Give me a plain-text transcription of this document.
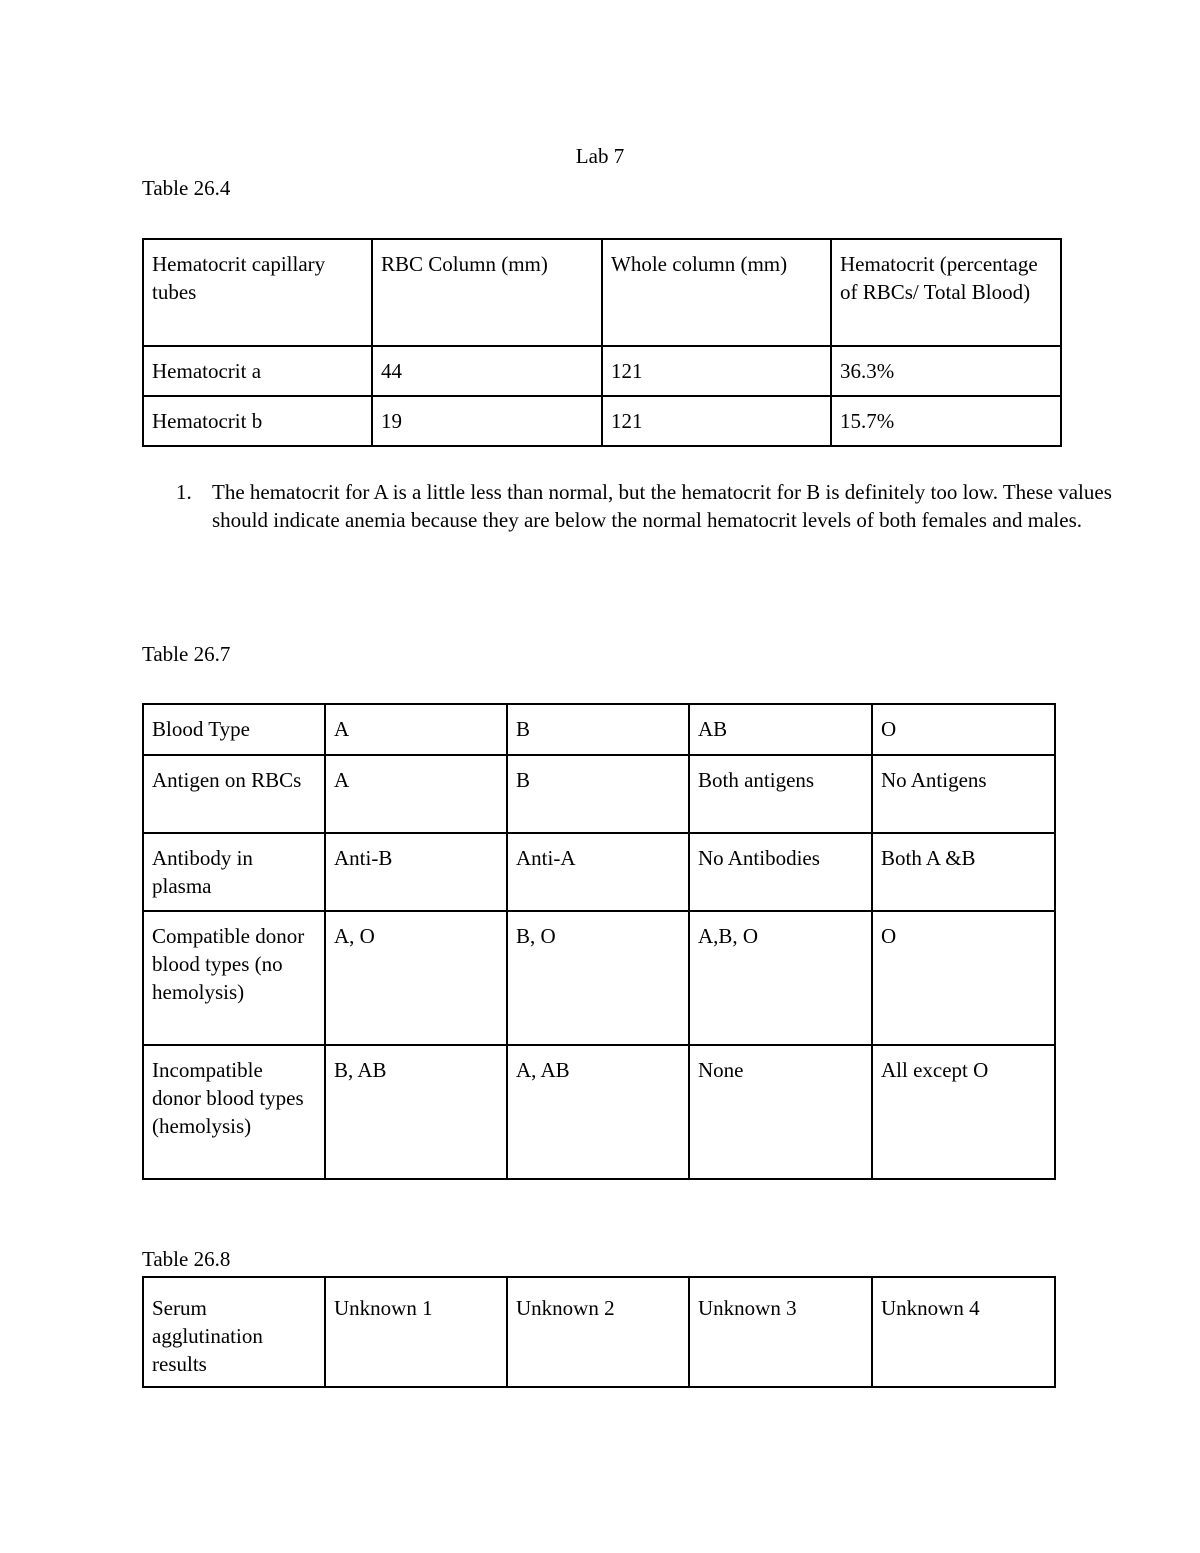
Lab 7
Table 26.4
Hematocrit capillary tubes	RBC Column (mm)	Whole column (mm)	Hematocrit (percentage of RBCs/ Total Blood)
Hematocrit a	44	121	36.3%
Hematocrit b	19	121	15.7%
1. The hematocrit for A is a little less than normal, but the hematocrit for B is definitely too low. These values should indicate anemia because they are below the normal hematocrit levels of both females and males.
Table 26.7
Blood Type	A	B	AB	O
Antigen on RBCs	A	B	Both antigens	No Antigens
Antibody in plasma	Anti-B	Anti-A	No Antibodies	Both A &B
Compatible donor blood types (no hemolysis)	A, O	B, O	A,B, O	O
Incompatible donor blood types (hemolysis)	B, AB	A, AB	None	All except O
Table 26.8
Serum agglutination results	Unknown 1	Unknown 2	Unknown 3	Unknown 4
